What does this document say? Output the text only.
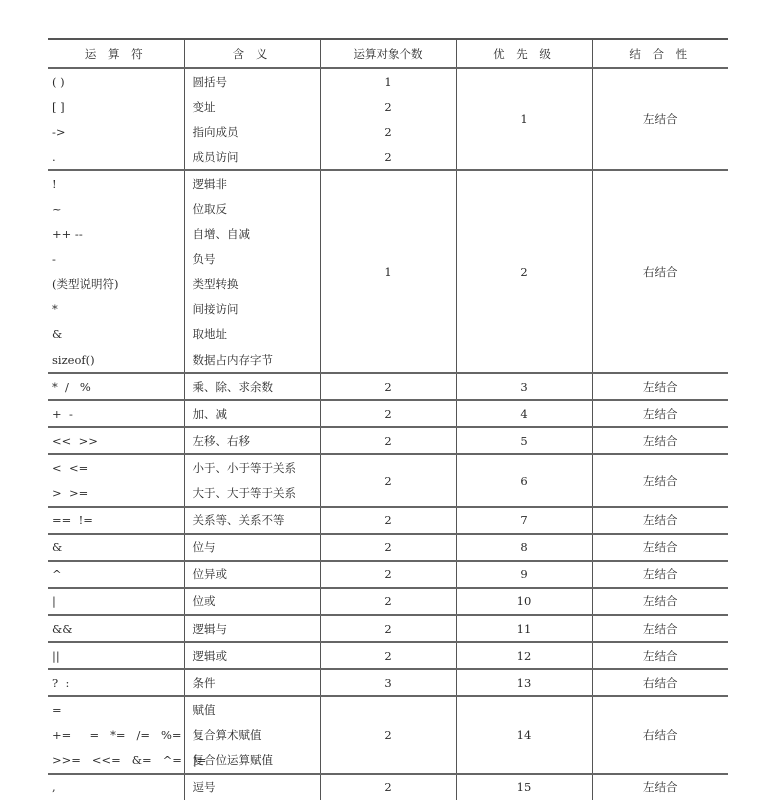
运 算 符	含 义	运算对象个数	优 先 级	结 合 性
( )	圆括号	1	1	左结合
[ ]	变址	2		
->	指向成员	2		
.	成员访问	2		
!	逻辑非	1	2	右结合
~	位取反			
++ --	自增、自减			
-	负号			
(类型说明符)	类型转换			
*	间接访问			
&	取地址			
sizeof()	数据占内存字节			
*  /   %	乘、除、求余数	2	3	左结合
+  -	加、减	2	4	左结合
<<  >>	左移、右移	2	5	左结合
<  <=	小于、小于等于关系	2	6	左结合
>  >=	大于、大于等于关系			
==  !=	关系等、关系不等	2	7	左结合
&	位与	2	8	左结合
^	位异或	2	9	左结合
|	位或	2	10	左结合
&&	逻辑与	2	11	左结合
||	逻辑或	2	12	左结合
?  :	条件	3	13	右结合
=	赋值	2	14	右结合
+=     =   *=   /=   %=	复合算术赋值			
>>=   <<=   &=   ^=   |=	复合位运算赋值			
,	逗号	2	15	左结合
